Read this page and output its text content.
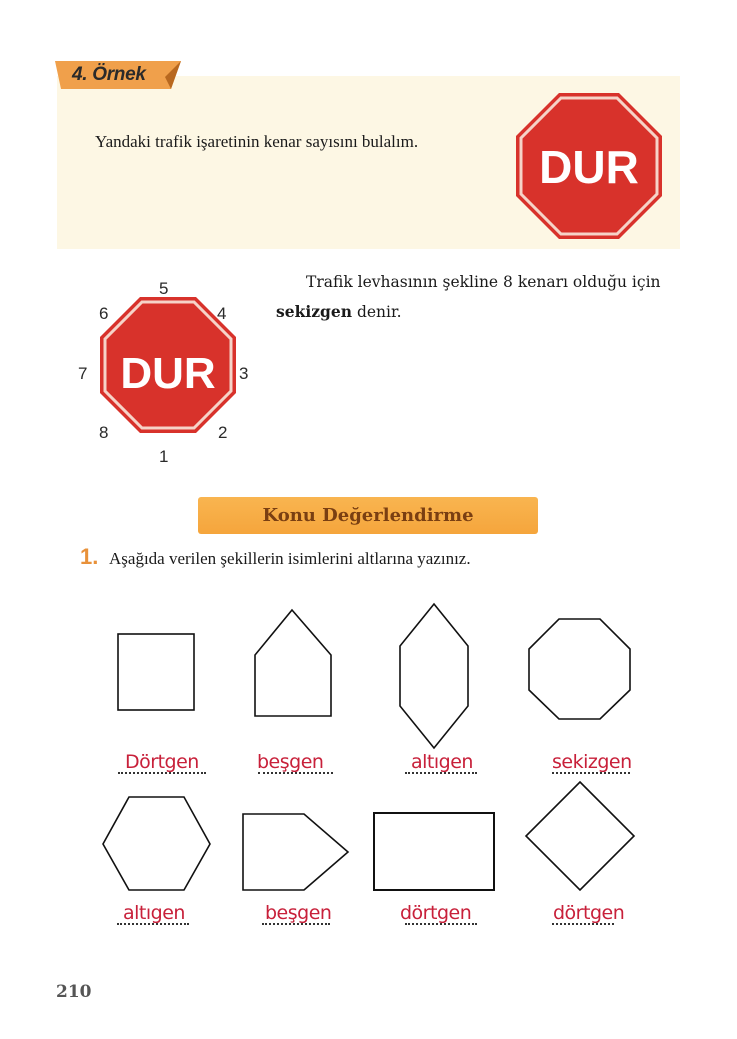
4. Örnek
Yandaki trafik işaretinin kenar sayısını bulalım.	DUR
DUR
5
4
6
3
7
2
8
1
Trafik levhasının şekline 8 kenarı olduğu için
sekizgen denir.
Konu Değerlendirme
1. Aşağıda verilen şekillerin isimlerini altlarına yazınız.
Dörtgen	beşgen	altıgen	sekizgen
altıgen	beşgen	dörtgen	dörtgen
210
